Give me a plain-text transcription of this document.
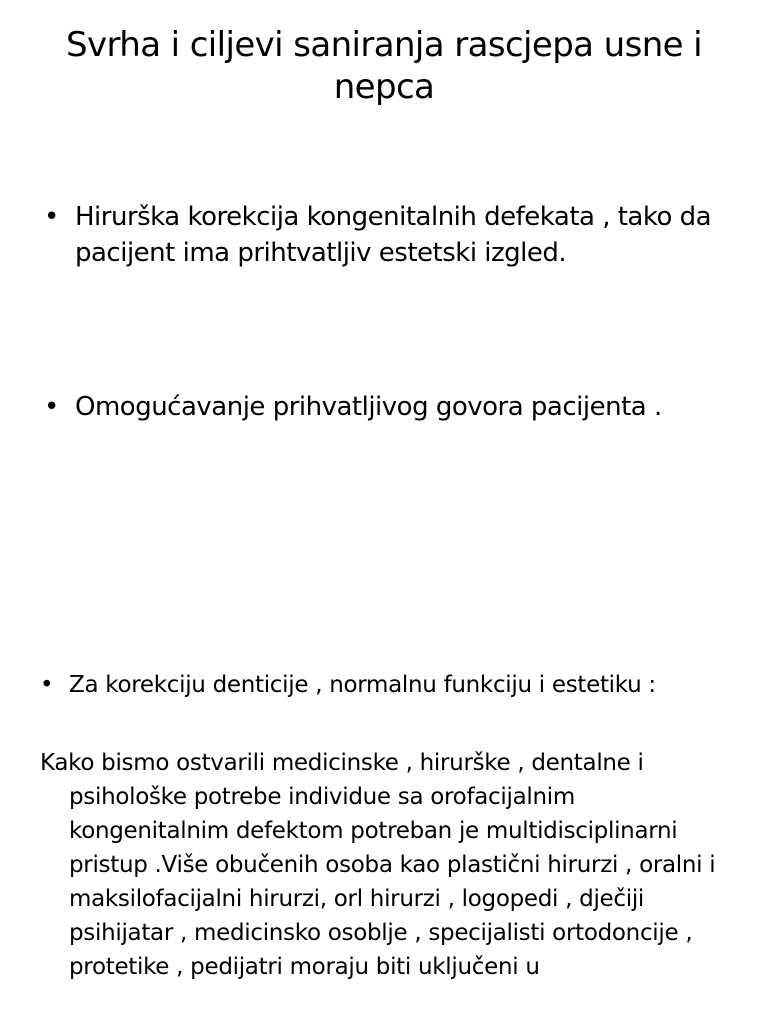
Svrha i ciljevi saniranja rascjepa usne i nepca
• Hirurška korekcija kongenitalnih defekata , tako da pacijent ima prihtvatljiv estetski izgled.
• Omogućavanje prihvatljivog govora pacijenta .
• Za korekciju denticije , normalnu funkciju i estetiku :

Kako bismo ostvarili medicinske , hirurške , dentalne i psihološke potrebe individue sa orofacijalnim kongenitalnim defektom potreban je multidisciplinarni pristup .Više obučenih osoba kao plastični hirurzi , oralni i maksilofacijalni hirurzi, orl hirurzi , logopedi , dječiji psihijatar , medicinsko osoblje , specijalisti ortodoncije , protetike , pedijatri moraju biti uključeni u
